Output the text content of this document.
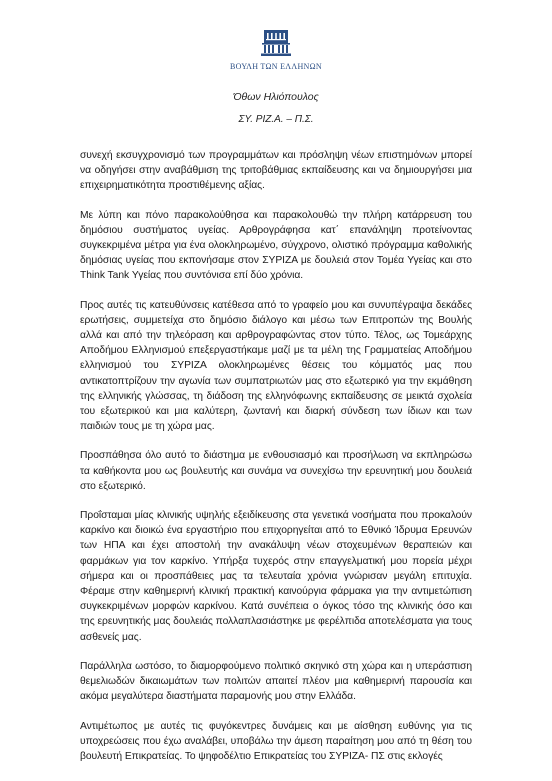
ΒΟΥΛΗ ΤΩΝ ΕΛΛΗΝΩΝ
Όθων Ηλιόπουλος
ΣΥ. ΡΙΖ.Α. – Π.Σ.

συνεχή εκσυγχρονισμό των προγραμμάτων και πρόσληψη νέων επιστημόνων μπορεί να οδηγήσει στην αναβάθμιση της τριτοβάθμιας εκπαίδευσης και να δημιουργήσει μια επιχειρηματικότητα προστιθέμενης αξίας.

Με λύπη και πόνο παρακολούθησα και παρακολουθώ την πλήρη κατάρρευση του δημόσιου συστήματος υγείας. Αρθρογράφησα κατ΄ επανάληψη προτείνοντας συγκεκριμένα μέτρα για ένα ολοκληρωμένο, σύγχρονο, ολιστικό πρόγραμμα καθολικής δημόσιας υγείας που εκπονήσαμε στον ΣΥΡΙΖΑ με δουλειά στον Τομέα Υγείας και στο Think Tank Υγείας που συντόνισα επί δύο χρόνια.

Προς αυτές τις κατευθύνσεις κατέθεσα από το γραφείο μου και συνυπέγραψα δεκάδες ερωτήσεις, συμμετείχα στο δημόσιο διάλογο και μέσω των Επιτροπών της Βουλής αλλά και από την τηλεόραση και αρθρογραφώντας στον τύπο. Τέλος, ως Τομεάρχης Αποδήμου Ελληνισμού επεξεργαστήκαμε μαζί με τα μέλη της Γραμματείας Αποδήμου ελληνισμού του ΣΥΡΙΖΑ ολοκληρωμένες θέσεις του κόμματός μας που αντικατοπτρίζουν την αγωνία των συμπατριωτών μας στο εξωτερικό για την εκμάθηση της ελληνικής γλώσσας, τη διάδοση της ελληνόφωνης εκπαίδευσης σε μεικτά σχολεία του εξωτερικού και μια καλύτερη, ζωντανή και διαρκή σύνδεση των ίδιων και των παιδιών τους με τη χώρα μας.

Προσπάθησα όλο αυτό το διάστημα με ενθουσιασμό και προσήλωση να εκπληρώσω τα καθήκοντα μου ως βουλευτής και συνάμα να συνεχίσω την ερευνητική μου δουλειά στο εξωτερικό.

Προΐσταμαι μίας κλινικής υψηλής εξειδίκευσης στα γενετικά νοσήματα που προκαλούν καρκίνο και διοικώ ένα εργαστήριο που επιχορηγείται από το Εθνικό Ίδρυμα Ερευνών των ΗΠΑ και έχει αποστολή την ανακάλυψη νέων στοχευμένων θεραπειών και φαρμάκων για τον καρκίνο. Υπήρξα τυχερός στην επαγγελματική μου πορεία μέχρι σήμερα και οι προσπάθειες μας τα τελευταία χρόνια γνώρισαν μεγάλη επιτυχία. Φέραμε στην καθημερινή κλινική πρακτική καινούργια φάρμακα για την αντιμετώπιση συγκεκριμένων μορφών καρκίνου. Κατά συνέπεια ο όγκος τόσο της κλινικής όσο και της ερευνητικής μας δουλειάς πολλαπλασιάστηκε με φερέλπιδα αποτελέσματα για τους ασθενείς μας.

Παράλληλα ωστόσο, το διαμορφούμενο πολιτικό σκηνικό στη χώρα και η υπεράσπιση θεμελιωδών δικαιωμάτων των πολιτών απαιτεί πλέον μια καθημερινή παρουσία και ακόμα μεγαλύτερα διαστήματα παραμονής μου στην Ελλάδα.

Αντιμέτωπος με αυτές τις φυγόκεντρες δυνάμεις και με αίσθηση ευθύνης για τις υποχρεώσεις που έχω αναλάβει, υποβάλω την άμεση παραίτηση μου από τη θέση του βουλευτή Επικρατείας. Το ψηφοδέλτιο Επικρατείας του ΣΥΡΙΖΑ- ΠΣ στις εκλογές
